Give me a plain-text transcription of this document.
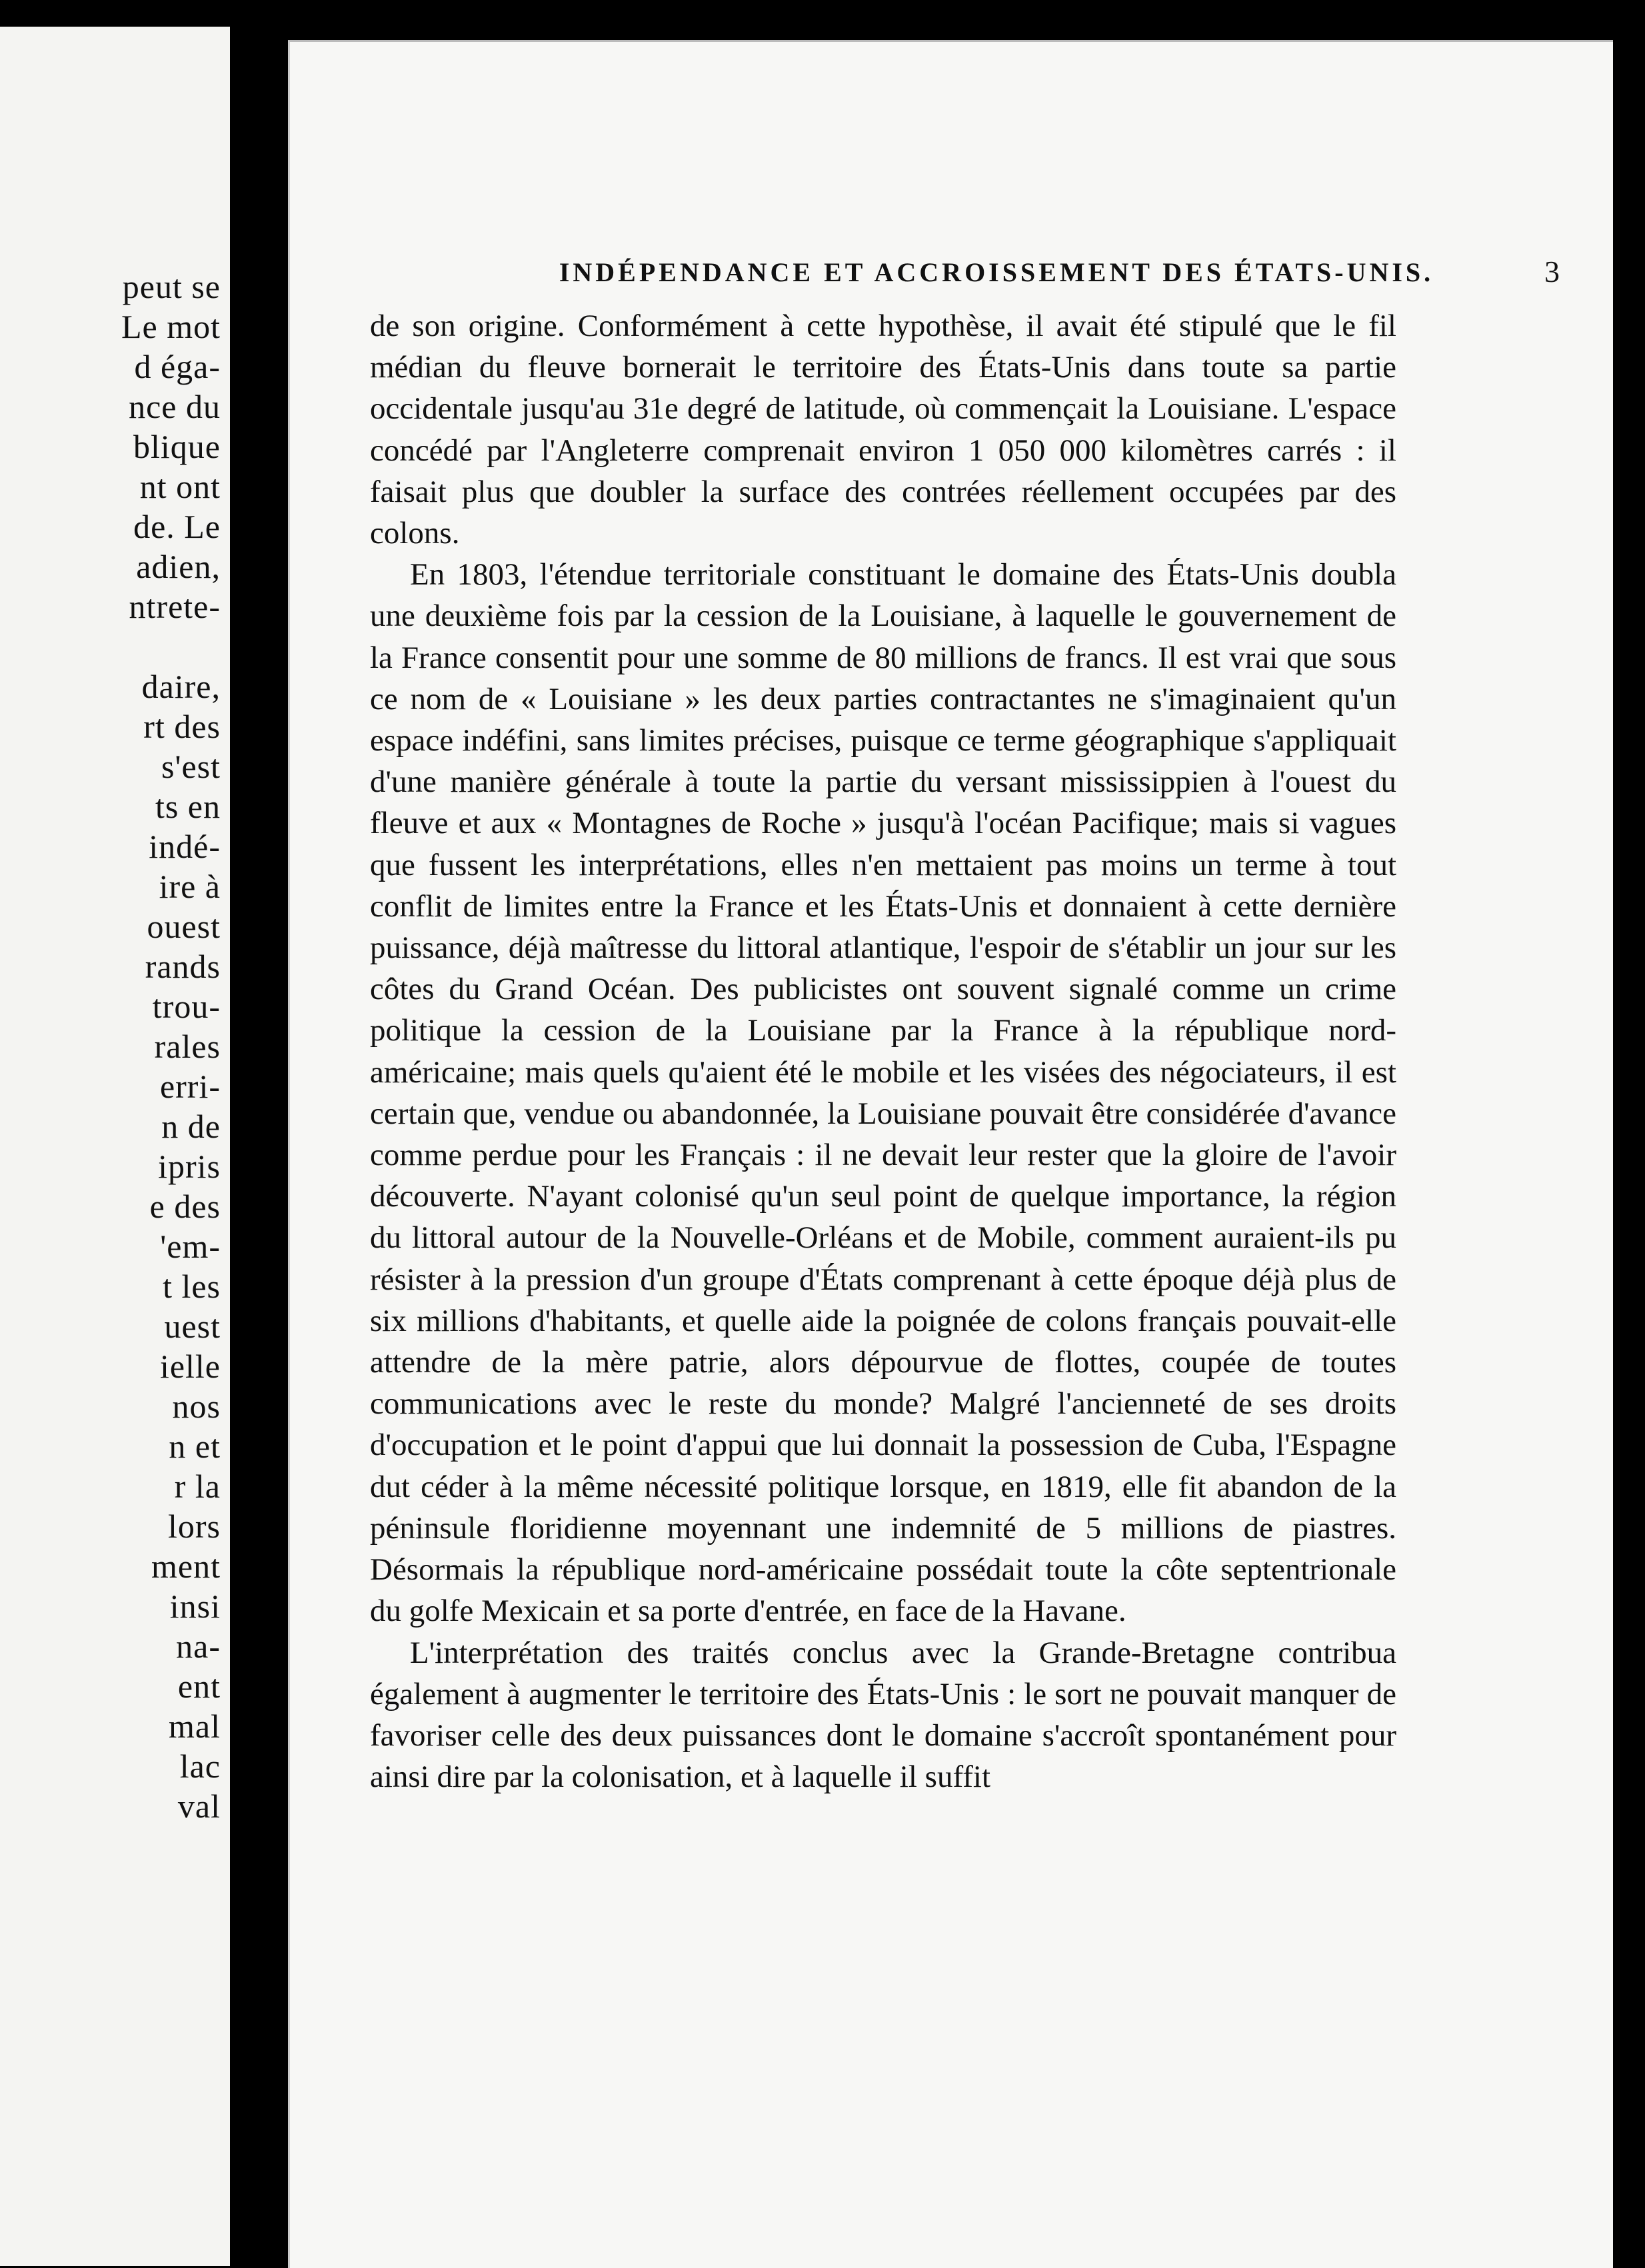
peut se
Le mot
d éga-
nce du
blique
nt ont
de. Le
adien,
ntrete-
daire,
rt des
s'est
ts en
indé-
ire à
ouest
rands
trou-
rales
erri-
n de
ipris
e des
'em-
t les
uest
ielle
nos
n et
r la
lors
ment
insi
na-
ent
mal
lac
val
INDÉPENDANCE ET ACCROISSEMENT DES ÉTATS-UNIS.	3

de son origine. Conformément à cette hypothèse, il avait été stipulé que le fil médian du fleuve bornerait le territoire des États-Unis dans toute sa partie occidentale jusqu'au 31e degré de latitude, où commençait la Louisiane. L'espace concédé par l'Angleterre comprenait environ 1 050 000 kilomètres carrés : il faisait plus que doubler la surface des contrées réellement occupées par des colons.

En 1803, l'étendue territoriale constituant le domaine des États-Unis doubla une deuxième fois par la cession de la Louisiane, à laquelle le gouvernement de la France consentit pour une somme de 80 millions de francs. Il est vrai que sous ce nom de « Louisiane » les deux parties contractantes ne s'imaginaient qu'un espace indéfini, sans limites précises, puisque ce terme géographique s'appliquait d'une manière générale à toute la partie du versant mississippien à l'ouest du fleuve et aux « Montagnes de Roche » jusqu'à l'océan Pacifique; mais si vagues que fussent les interprétations, elles n'en mettaient pas moins un terme à tout conflit de limites entre la France et les États-Unis et donnaient à cette dernière puissance, déjà maîtresse du littoral atlantique, l'espoir de s'établir un jour sur les côtes du Grand Océan. Des publicistes ont souvent signalé comme un crime politique la cession de la Louisiane par la France à la république nord-américaine; mais quels qu'aient été le mobile et les visées des négociateurs, il est certain que, vendue ou abandonnée, la Louisiane pouvait être considérée d'avance comme perdue pour les Français : il ne devait leur rester que la gloire de l'avoir découverte. N'ayant colonisé qu'un seul point de quelque importance, la région du littoral autour de la Nouvelle-Orléans et de Mobile, comment auraient-ils pu résister à la pression d'un groupe d'États comprenant à cette époque déjà plus de six millions d'habitants, et quelle aide la poignée de colons français pouvait-elle attendre de la mère patrie, alors dépourvue de flottes, coupée de toutes communications avec le reste du monde? Malgré l'ancienneté de ses droits d'occupation et le point d'appui que lui donnait la possession de Cuba, l'Espagne dut céder à la même nécessité politique lorsque, en 1819, elle fit abandon de la péninsule floridienne moyennant une indemnité de 5 millions de piastres. Désormais la république nord-américaine possédait toute la côte septentrionale du golfe Mexicain et sa porte d'entrée, en face de la Havane.

L'interprétation des traités conclus avec la Grande-Bretagne contribua également à augmenter le territoire des États-Unis : le sort ne pouvait manquer de favoriser celle des deux puissances dont le domaine s'accroît spontanément pour ainsi dire par la colonisation, et à laquelle il suffit
